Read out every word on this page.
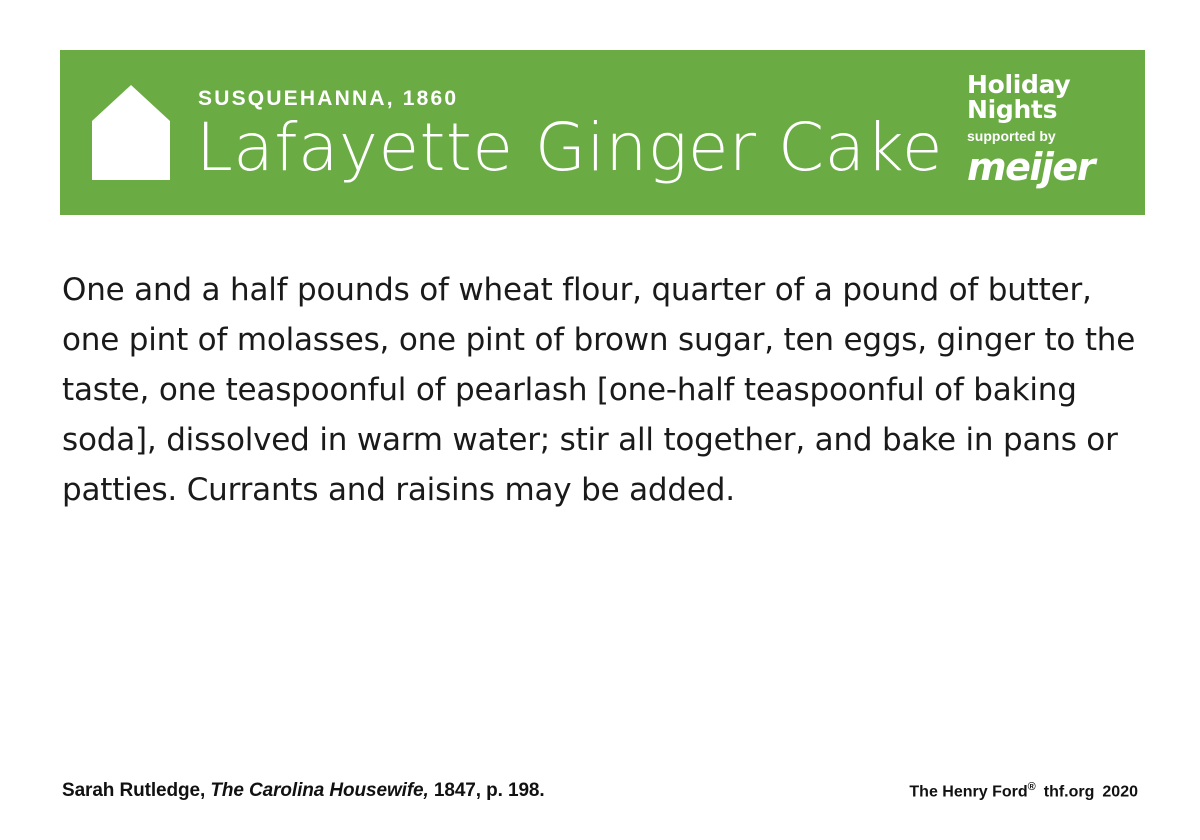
SUSQUEHANNA, 1860
Lafayette Ginger Cake
Holiday
Nights
supported by
meijer
One and a half pounds of wheat flour, quarter of a pound of butter, one pint of molasses, one pint of brown sugar, ten eggs, ginger to the taste, one teaspoonful of pearlash [one-half teaspoonful of baking soda], dissolved in warm water; stir all together, and bake in pans or patties. Currants and raisins may be added.
Sarah Rutledge, The Carolina Housewife, 1847, p. 198.	The Henry Ford® thf.org 2020
